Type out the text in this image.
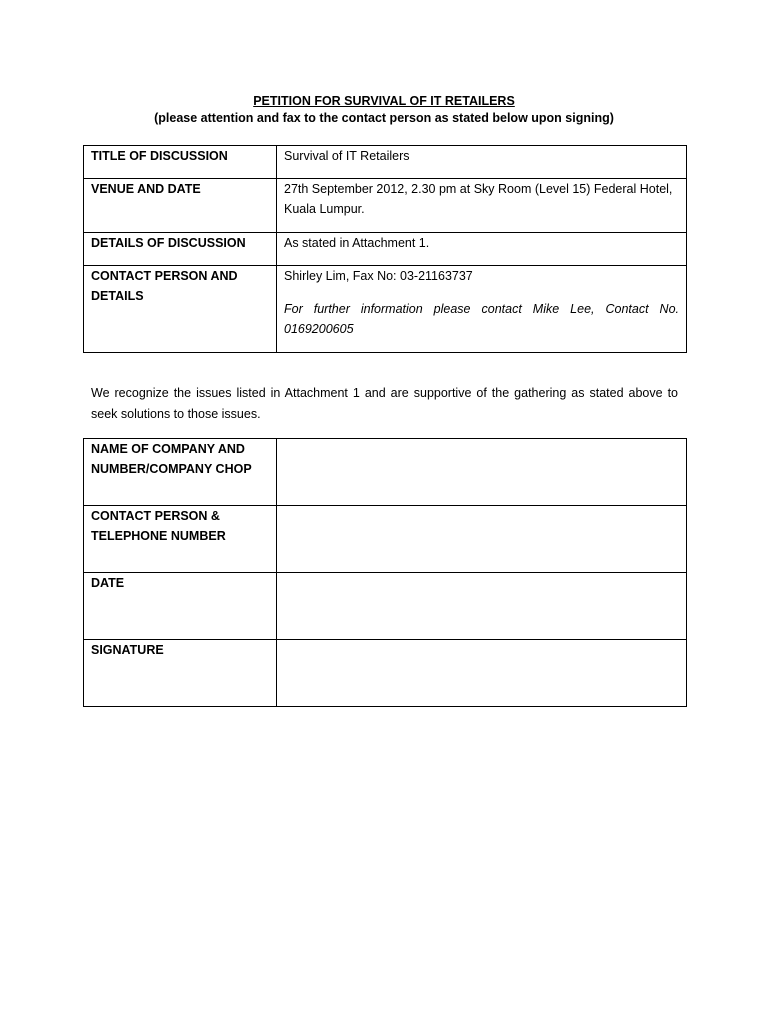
PETITION FOR SURVIVAL OF IT RETAILERS
(please attention and fax to the contact person as stated below upon signing)
TITLE OF DISCUSSION	Survival of IT Retailers
VENUE AND DATE	27th September 2012, 2.30 pm at Sky Room (Level 15) Federal Hotel, Kuala Lumpur.
DETAILS OF DISCUSSION	As stated in Attachment 1.
CONTACT PERSON AND DETAILS	Shirley Lim, Fax No: 03-21163737
For further information please contact Mike Lee, Contact No. 0169200605
We recognize the issues listed in Attachment 1 and are supportive of the gathering as stated above to seek solutions to those issues.
NAME OF COMPANY AND NUMBER/COMPANY CHOP	
CONTACT PERSON & TELEPHONE NUMBER	
DATE	
SIGNATURE	
